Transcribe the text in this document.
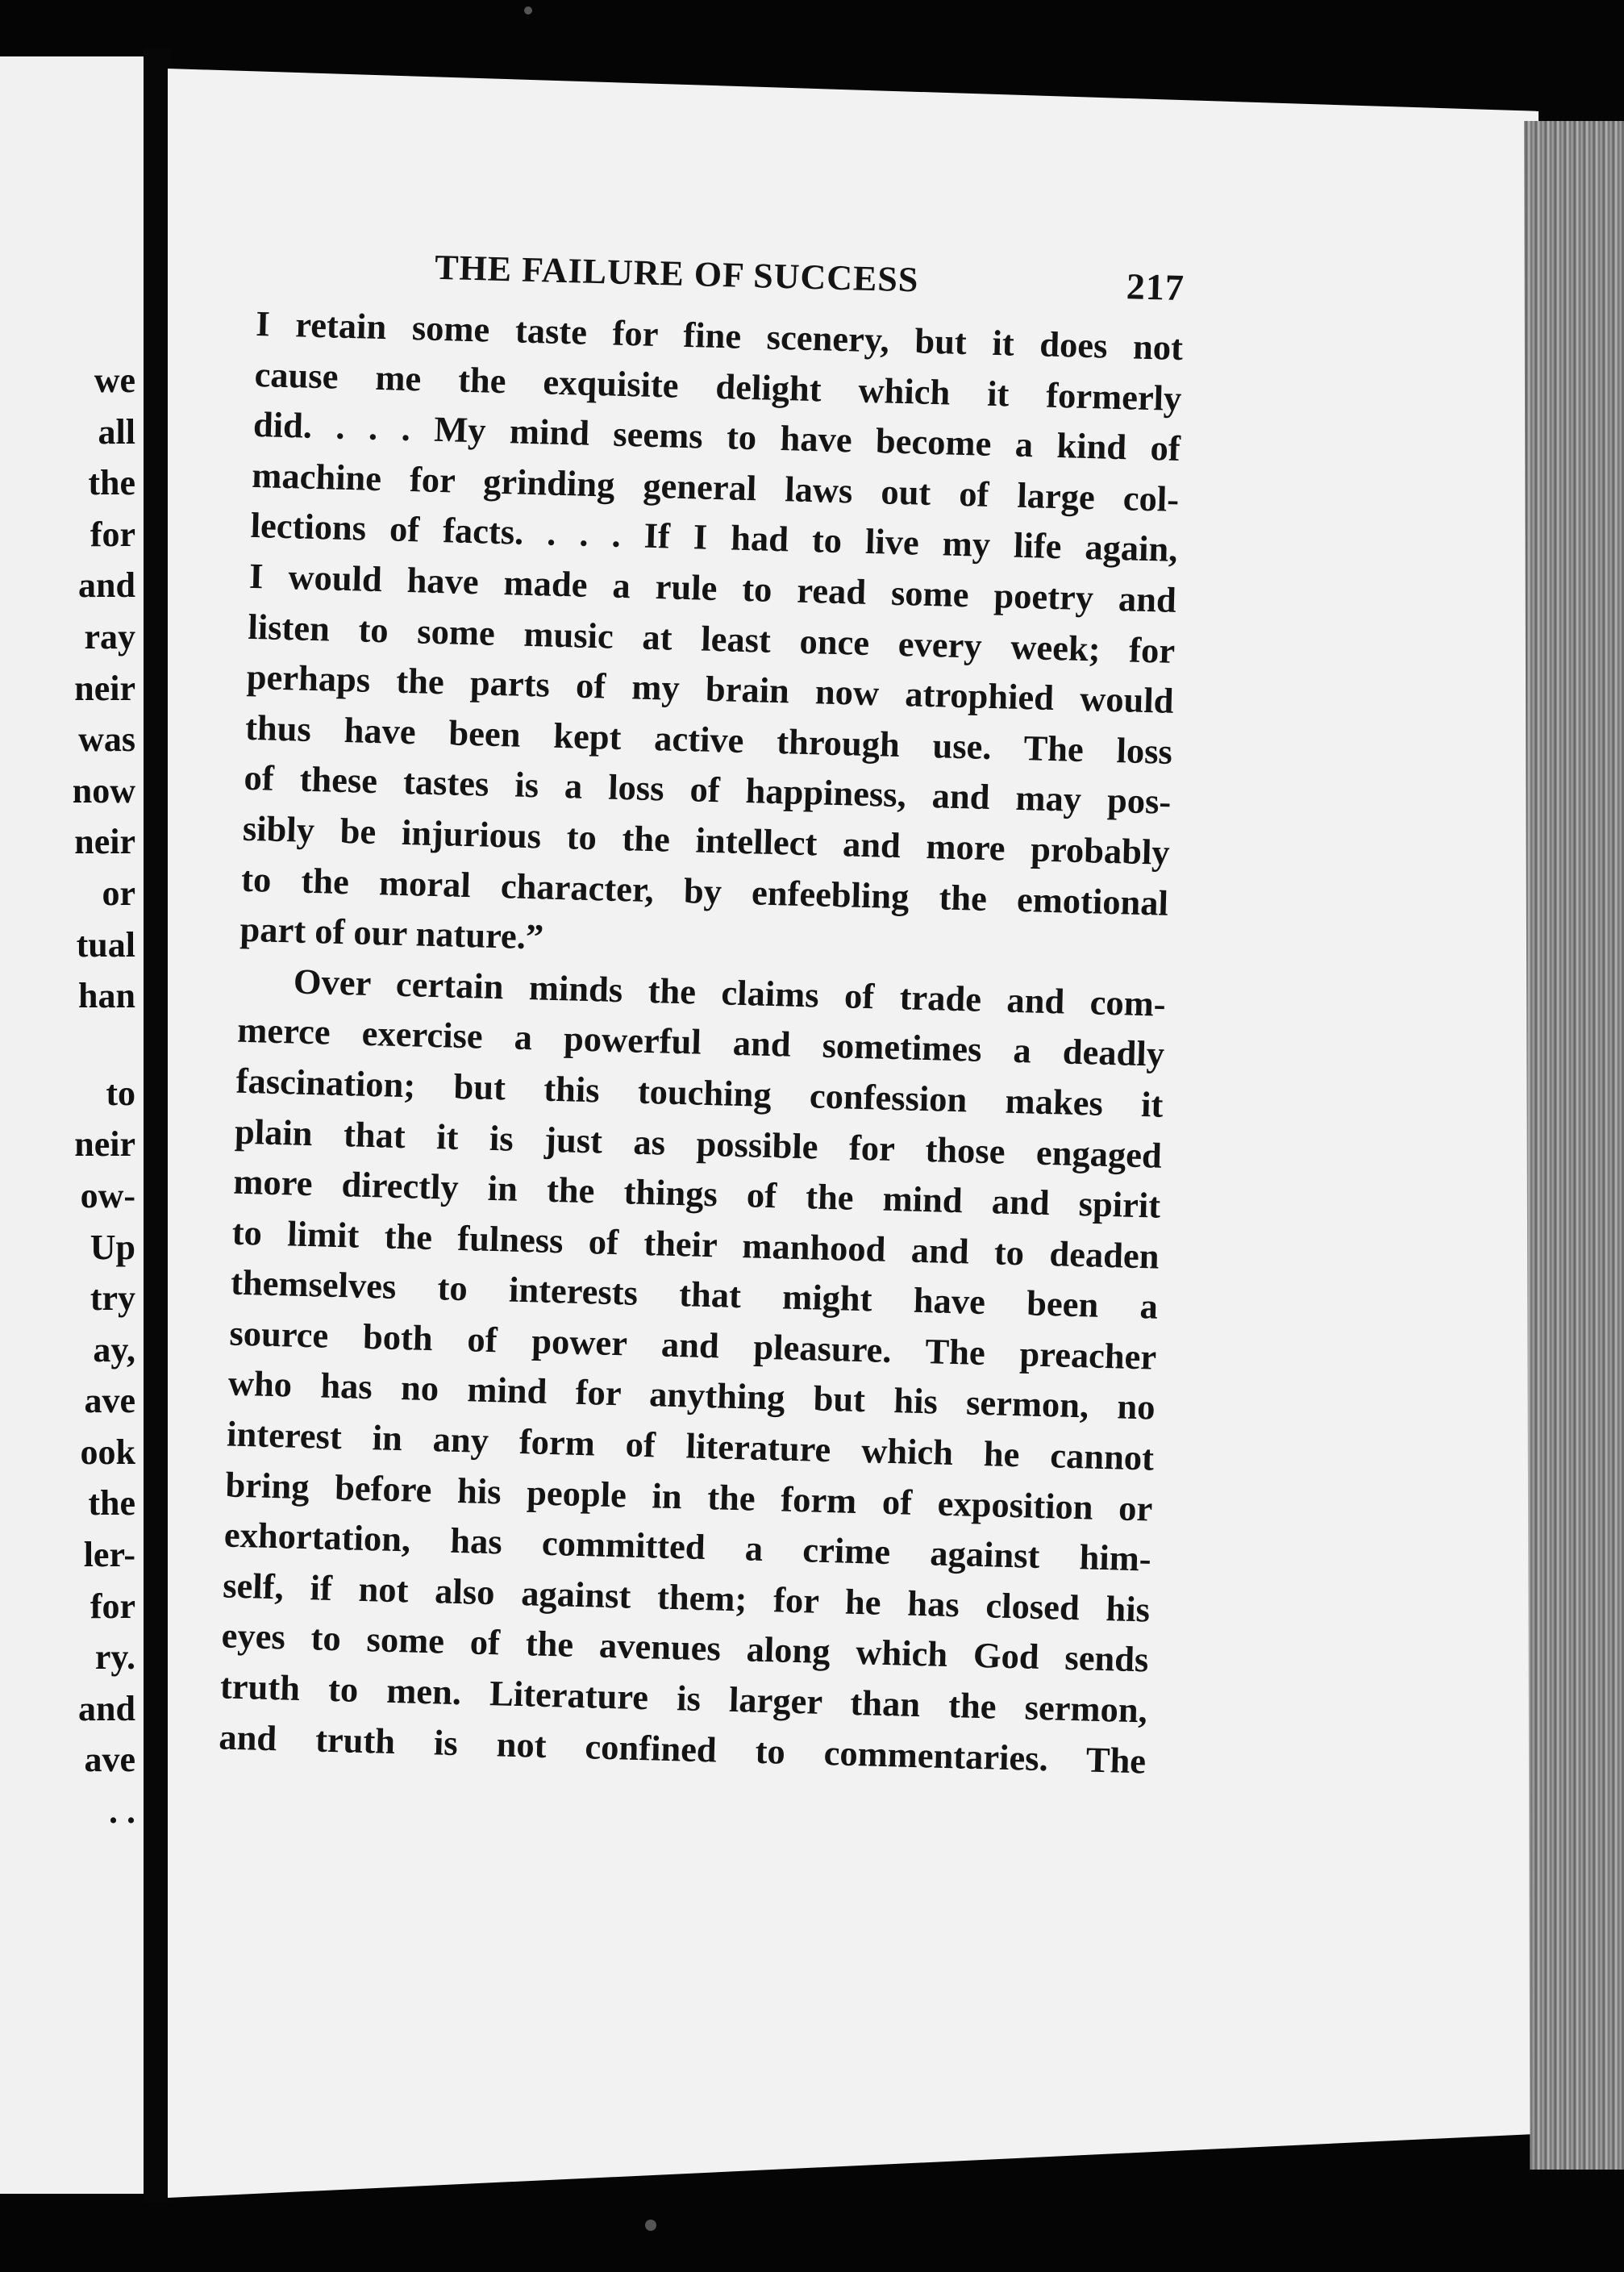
we
all
the
for
and
ray
neir
was
now
neir
or
tual
han
to
neir
ow-
Up
try
ay,
ave
ook
the
ler-
for
ry.
and
ave
. .
THE FAILURE OF SUCCESS	217
I retain some taste for fine scenery, but it does not
cause me the exquisite delight which it formerly
did. . . . My mind seems to have become a kind of
machine for grinding general laws out of large col-
lections of facts. . . . If I had to live my life again,
I would have made a rule to read some poetry and
listen to some music at least once every week; for
perhaps the parts of my brain now atrophied would
thus have been kept active through use. The loss
of these tastes is a loss of happiness, and may pos-
sibly be injurious to the intellect and more probably
to the moral character, by enfeebling the emotional
part of our nature.”
Over certain minds the claims of trade and com-
merce exercise a powerful and sometimes a deadly
fascination; but this touching confession makes it
plain that it is just as possible for those engaged
more directly in the things of the mind and spirit
to limit the fulness of their manhood and to deaden
themselves to interests that might have been a
source both of power and pleasure. The preacher
who has no mind for anything but his sermon, no
interest in any form of literature which he cannot
bring before his people in the form of exposition or
exhortation, has committed a crime against him-
self, if not also against them; for he has closed his
eyes to some of the avenues along which God sends
truth to men. Literature is larger than the sermon,
and truth is not confined to commentaries. The
